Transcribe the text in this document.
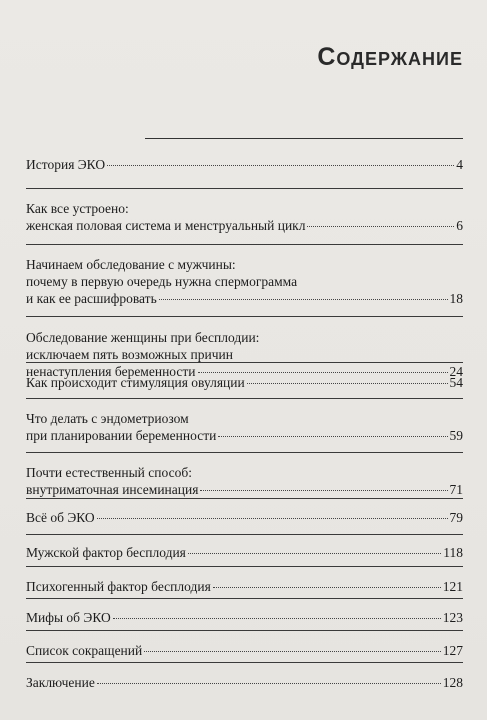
Содержание
История ЭКО	4
Как все устроено:
женская половая система и менструальный цикл	6
Начинаем обследование с мужчины:
почему в первую очередь нужна спермограмма
и как ее расшифровать	18
Обследование женщины при бесплодии:
исключаем пять возможных причин
ненаступления беременности	24
Как происходит стимуляция овуляции	54
Что делать с эндометриозом
при планировании беременности	59
Почти естественный способ:
внутриматочная инсеминация	71
Всё об ЭКО	79
Мужской фактор бесплодия	118
Психогенный фактор бесплодия	121
Мифы об ЭКО	123
Список сокращений	127
Заключение	128
